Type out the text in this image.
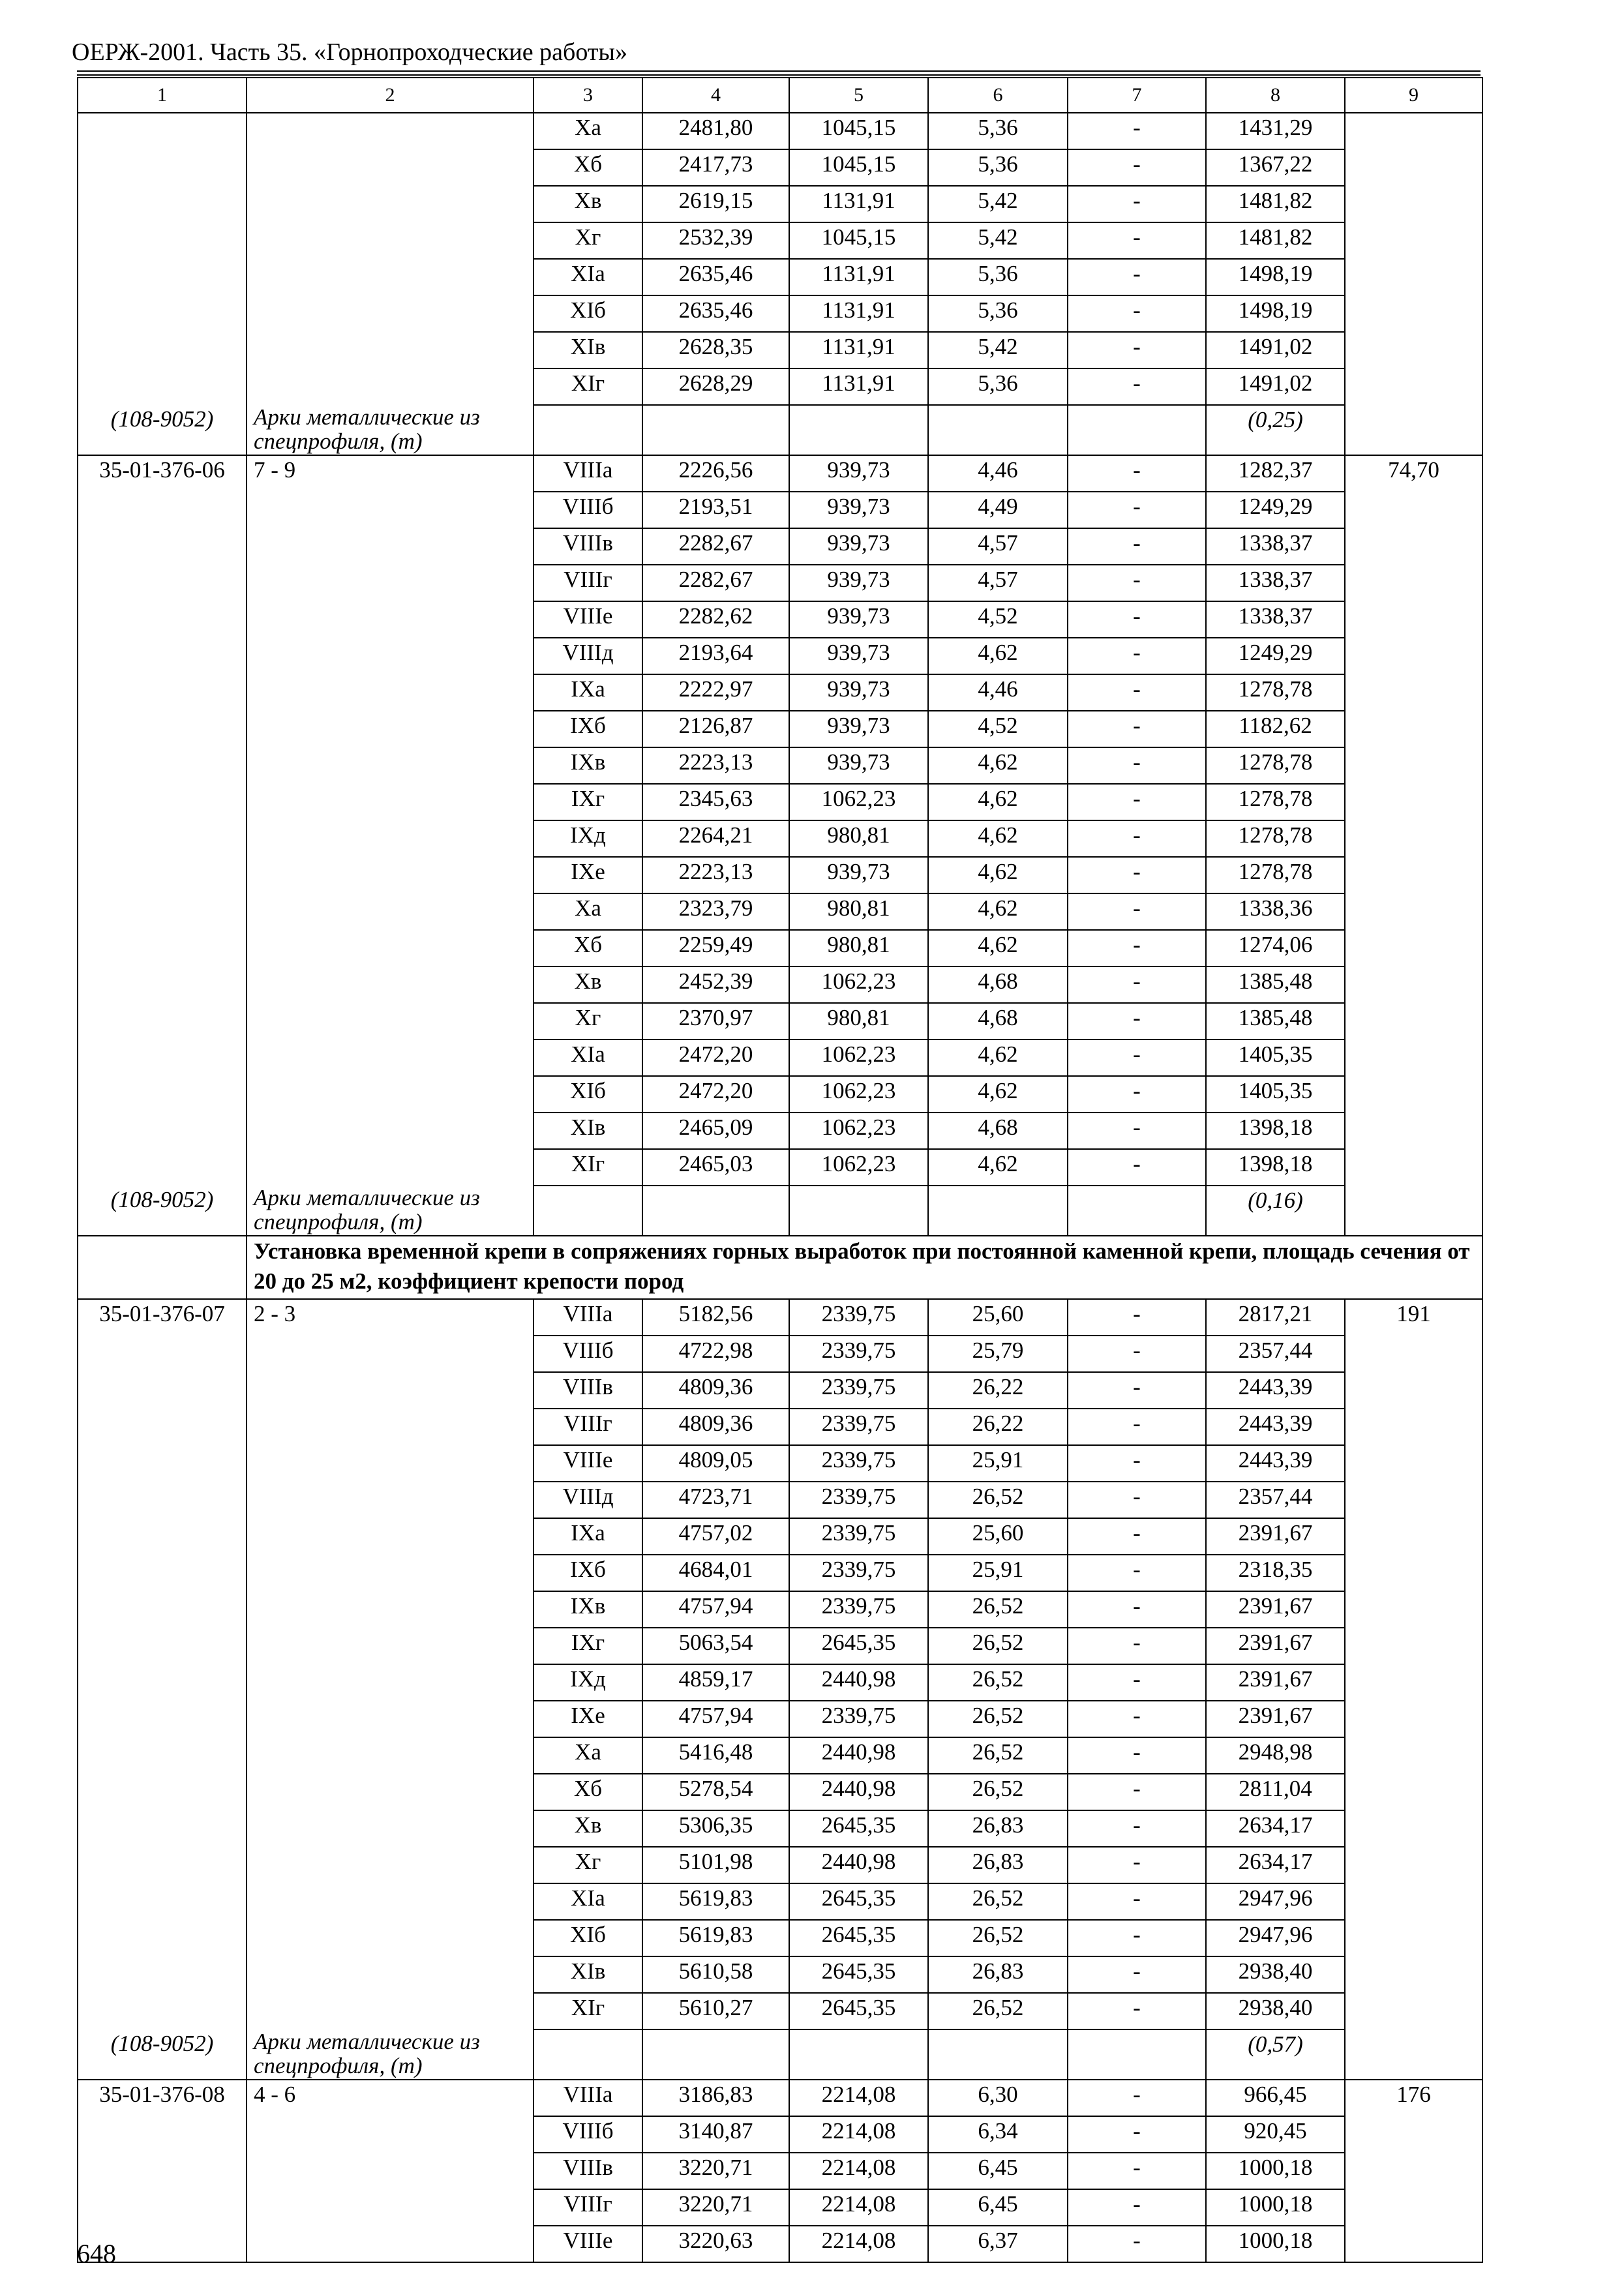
ОЕРЖ-2001. Часть 35. «Горнопроходческие работы»
1	2	3	4	5	6	7	8	9
		Xa	2481,80	1045,15	5,36	-	1431,29	
		Xб	2417,73	1045,15	5,36	-	1367,22	
		Xв	2619,15	1131,91	5,42	-	1481,82	
		Xг	2532,39	1045,15	5,42	-	1481,82	
		XIa	2635,46	1131,91	5,36	-	1498,19	
		XIб	2635,46	1131,91	5,36	-	1498,19	
		XIв	2628,35	1131,91	5,42	-	1491,02	
		XIг	2628,29	1131,91	5,36	-	1491,02	
(108-9052)	Арки металлические из спецпрофиля, (т)						(0,25)	
35-01-376-06	7 - 9	VIIIa	2226,56	939,73	4,46	-	1282,37	74,70
		VIIIб	2193,51	939,73	4,49	-	1249,29	
		VIIIв	2282,67	939,73	4,57	-	1338,37	
		VIIIг	2282,67	939,73	4,57	-	1338,37	
		VIIIe	2282,62	939,73	4,52	-	1338,37	
		VIIIд	2193,64	939,73	4,62	-	1249,29	
		IXa	2222,97	939,73	4,46	-	1278,78	
		IXб	2126,87	939,73	4,52	-	1182,62	
		IXв	2223,13	939,73	4,62	-	1278,78	
		IXг	2345,63	1062,23	4,62	-	1278,78	
		IXд	2264,21	980,81	4,62	-	1278,78	
		IXe	2223,13	939,73	4,62	-	1278,78	
		Xa	2323,79	980,81	4,62	-	1338,36	
		Xб	2259,49	980,81	4,62	-	1274,06	
		Xв	2452,39	1062,23	4,68	-	1385,48	
		Xг	2370,97	980,81	4,68	-	1385,48	
		XIa	2472,20	1062,23	4,62	-	1405,35	
		XIб	2472,20	1062,23	4,62	-	1405,35	
		XIв	2465,09	1062,23	4,68	-	1398,18	
		XIг	2465,03	1062,23	4,62	-	1398,18	
(108-9052)	Арки металлические из спецпрофиля, (т)						(0,16)	
	Установка временной крепи в сопряжениях горных выработок при постоянной каменной крепи, площадь сечения от 20 до 25 м2, коэффициент крепости пород							
35-01-376-07	2 - 3	VIIIa	5182,56	2339,75	25,60	-	2817,21	191
		VIIIб	4722,98	2339,75	25,79	-	2357,44	
		VIIIв	4809,36	2339,75	26,22	-	2443,39	
		VIIIг	4809,36	2339,75	26,22	-	2443,39	
		VIIIe	4809,05	2339,75	25,91	-	2443,39	
		VIIIд	4723,71	2339,75	26,52	-	2357,44	
		IXa	4757,02	2339,75	25,60	-	2391,67	
		IXб	4684,01	2339,75	25,91	-	2318,35	
		IXв	4757,94	2339,75	26,52	-	2391,67	
		IXг	5063,54	2645,35	26,52	-	2391,67	
		IXд	4859,17	2440,98	26,52	-	2391,67	
		IXe	4757,94	2339,75	26,52	-	2391,67	
		Xa	5416,48	2440,98	26,52	-	2948,98	
		Xб	5278,54	2440,98	26,52	-	2811,04	
		Xв	5306,35	2645,35	26,83	-	2634,17	
		Xг	5101,98	2440,98	26,83	-	2634,17	
		XIa	5619,83	2645,35	26,52	-	2947,96	
		XIб	5619,83	2645,35	26,52	-	2947,96	
		XIв	5610,58	2645,35	26,83	-	2938,40	
		XIг	5610,27	2645,35	26,52	-	2938,40	
(108-9052)	Арки металлические из спецпрофиля, (т)						(0,57)	
35-01-376-08	4 - 6	VIIIa	3186,83	2214,08	6,30	-	966,45	176
		VIIIб	3140,87	2214,08	6,34	-	920,45	
		VIIIв	3220,71	2214,08	6,45	-	1000,18	
		VIIIг	3220,71	2214,08	6,45	-	1000,18	
		VIIIe	3220,63	2214,08	6,37	-	1000,18	
648
